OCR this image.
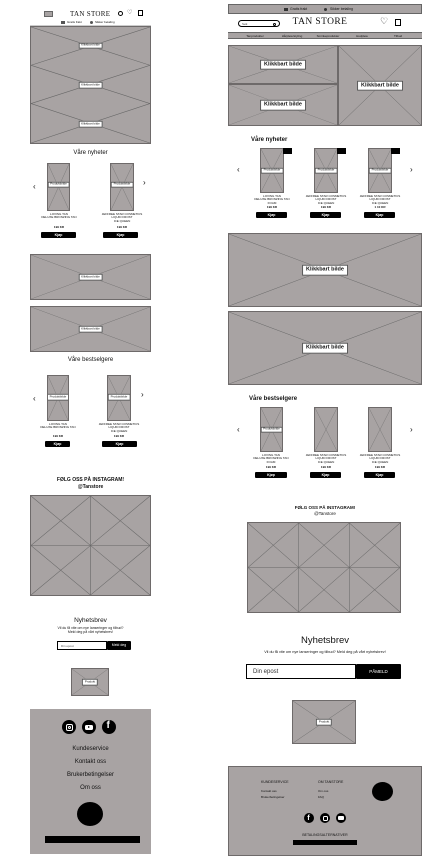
TAN STORE	♡
Gratis frakt	Sikker betaling
Klikkbart bilde
Klikkbart bilde
Klikkbart bilde
Våre nyheter
‹	›
Produktbilde
LOVING TAN
DELUXE BRONZING TAN
199 KR
Kjøp
Produktbilde
JEFFREE STAR COSMETICS
LIQUID FROST
ICE QUEEN
199 KR
Kjøp
Klikkbart bilde
Klikkbart bilde
Våre bestselgere
‹	›
Produktbilde
LOVING TAN
DELUXE BRONZING TAN
199 KR
Kjøp
Produktbilde
JEFFREE STAR COSMETICS
LIQUID FROST
ICE QUEEN
199 KR
Kjøp
FØLG OSS PÅ INSTAGRAM!
@Tanstore
Nyhetsbrev
Vil du få vite om nye lanseringer og tilbud?
Meld deg på vårt nyhetsbrev!
Din epost	Meld deg
Produkt
f
Kundeservice
Kontakt oss
Brukerbetingelser
Om oss
Gratis frakt	Sikker betaling
Søk	TAN STORE	♡
Tanprodukter	Hårpleie/styling	Sminkeprodukter	Hudpleie	Tilbud
Klikkbart bilde
Klikkbart bilde
Klikkbart bilde
Våre nyheter
‹	›
Produktbilde
LOVING TAN
DELUXE BRONZING TAN
FOAM
199 KR
Kjøp
Produktbilde
JEFFREE STAR COSMETICS
LIQUID FROST
ICE QUEEN
199 KR
Kjøp
Produktbilde
JEFFREE STAR COSMETICS
LIQUID FROST
ICE QUEEN
1 10 KR
Kjøp
Klikkbart bilde
Klikkbart bilde
Våre bestselgere
‹	›
Produktbilde
LOVING TAN
DELUXE BRONZING TAN
FOAM
199 KR
Kjøp
JEFFREE STAR COSMETICS
LIQUID FROST
ICE QUEEN
199 KR
Kjøp
JEFFREE STAR COSMETICS
LIQUID FROST
ICE QUEEN
199 KR
Kjøp
FØLG OSS PÅ INSTAGRAM!
@Tanstore
Nyhetsbrev
Vil du få vite om nye lanseringer og tilbud? Meld deg på vårt nyhetsbrev!
Din epost	PÅMELD
Produkt
KUNDESERVICE
Kontakt oss
Brukerbetingelser
OM TANSTORE
Om oss
FAQ
f
BETALINGSALTERNATIVER
